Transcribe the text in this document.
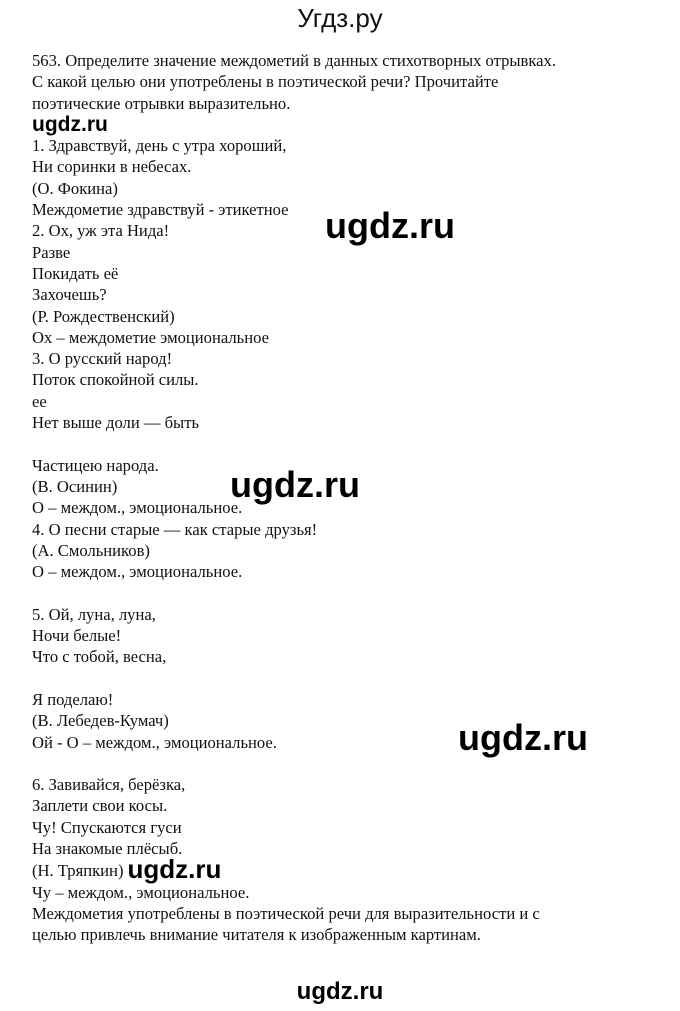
Угдз.ру
563. Определите значение междометий в данных стихотворных отрывках.
С какой целью они употреблены в поэтической речи? Прочитайте
поэтические отрывки выразительно.
ugdz.ru
1. Здравствуй, день с утра хороший,
Ни соринки в небесах.
(О. Фокина)
Междометие здравствуй - этикетное
2. Ох, уж эта Нида!
Разве
Покидать её
Захочешь?
(Р. Рождественский)
Ох – междометие эмоциональное
3. О русский народ!
Поток спокойной силы.
ее
Нет выше доли — быть
Частицею народа.
(В. Осинин)
О – междом., эмоциональное.
4. О песни старые — как старые друзья!
(А. Смольников)
О – междом., эмоциональное.
5. Ой, луна, луна,
Ночи белые!
Что с тобой, весна,
Я поделаю!
(В. Лебедев-Кумач)
Ой - О – междом., эмоциональное.
6. Завивайся, берёзка,
Заплети свои косы.
Чу! Спускаются гуси
На знакомые плёсыб.
(Н. Тряпкин) ugdz.ru
Чу – междом., эмоциональное.
Междометия употреблены в поэтической речи для выразительности и с
целью привлечь внимание читателя к изображенным картинам.
ugdz.ru
ugdz.ru
ugdz.ru
ugdz.ru
